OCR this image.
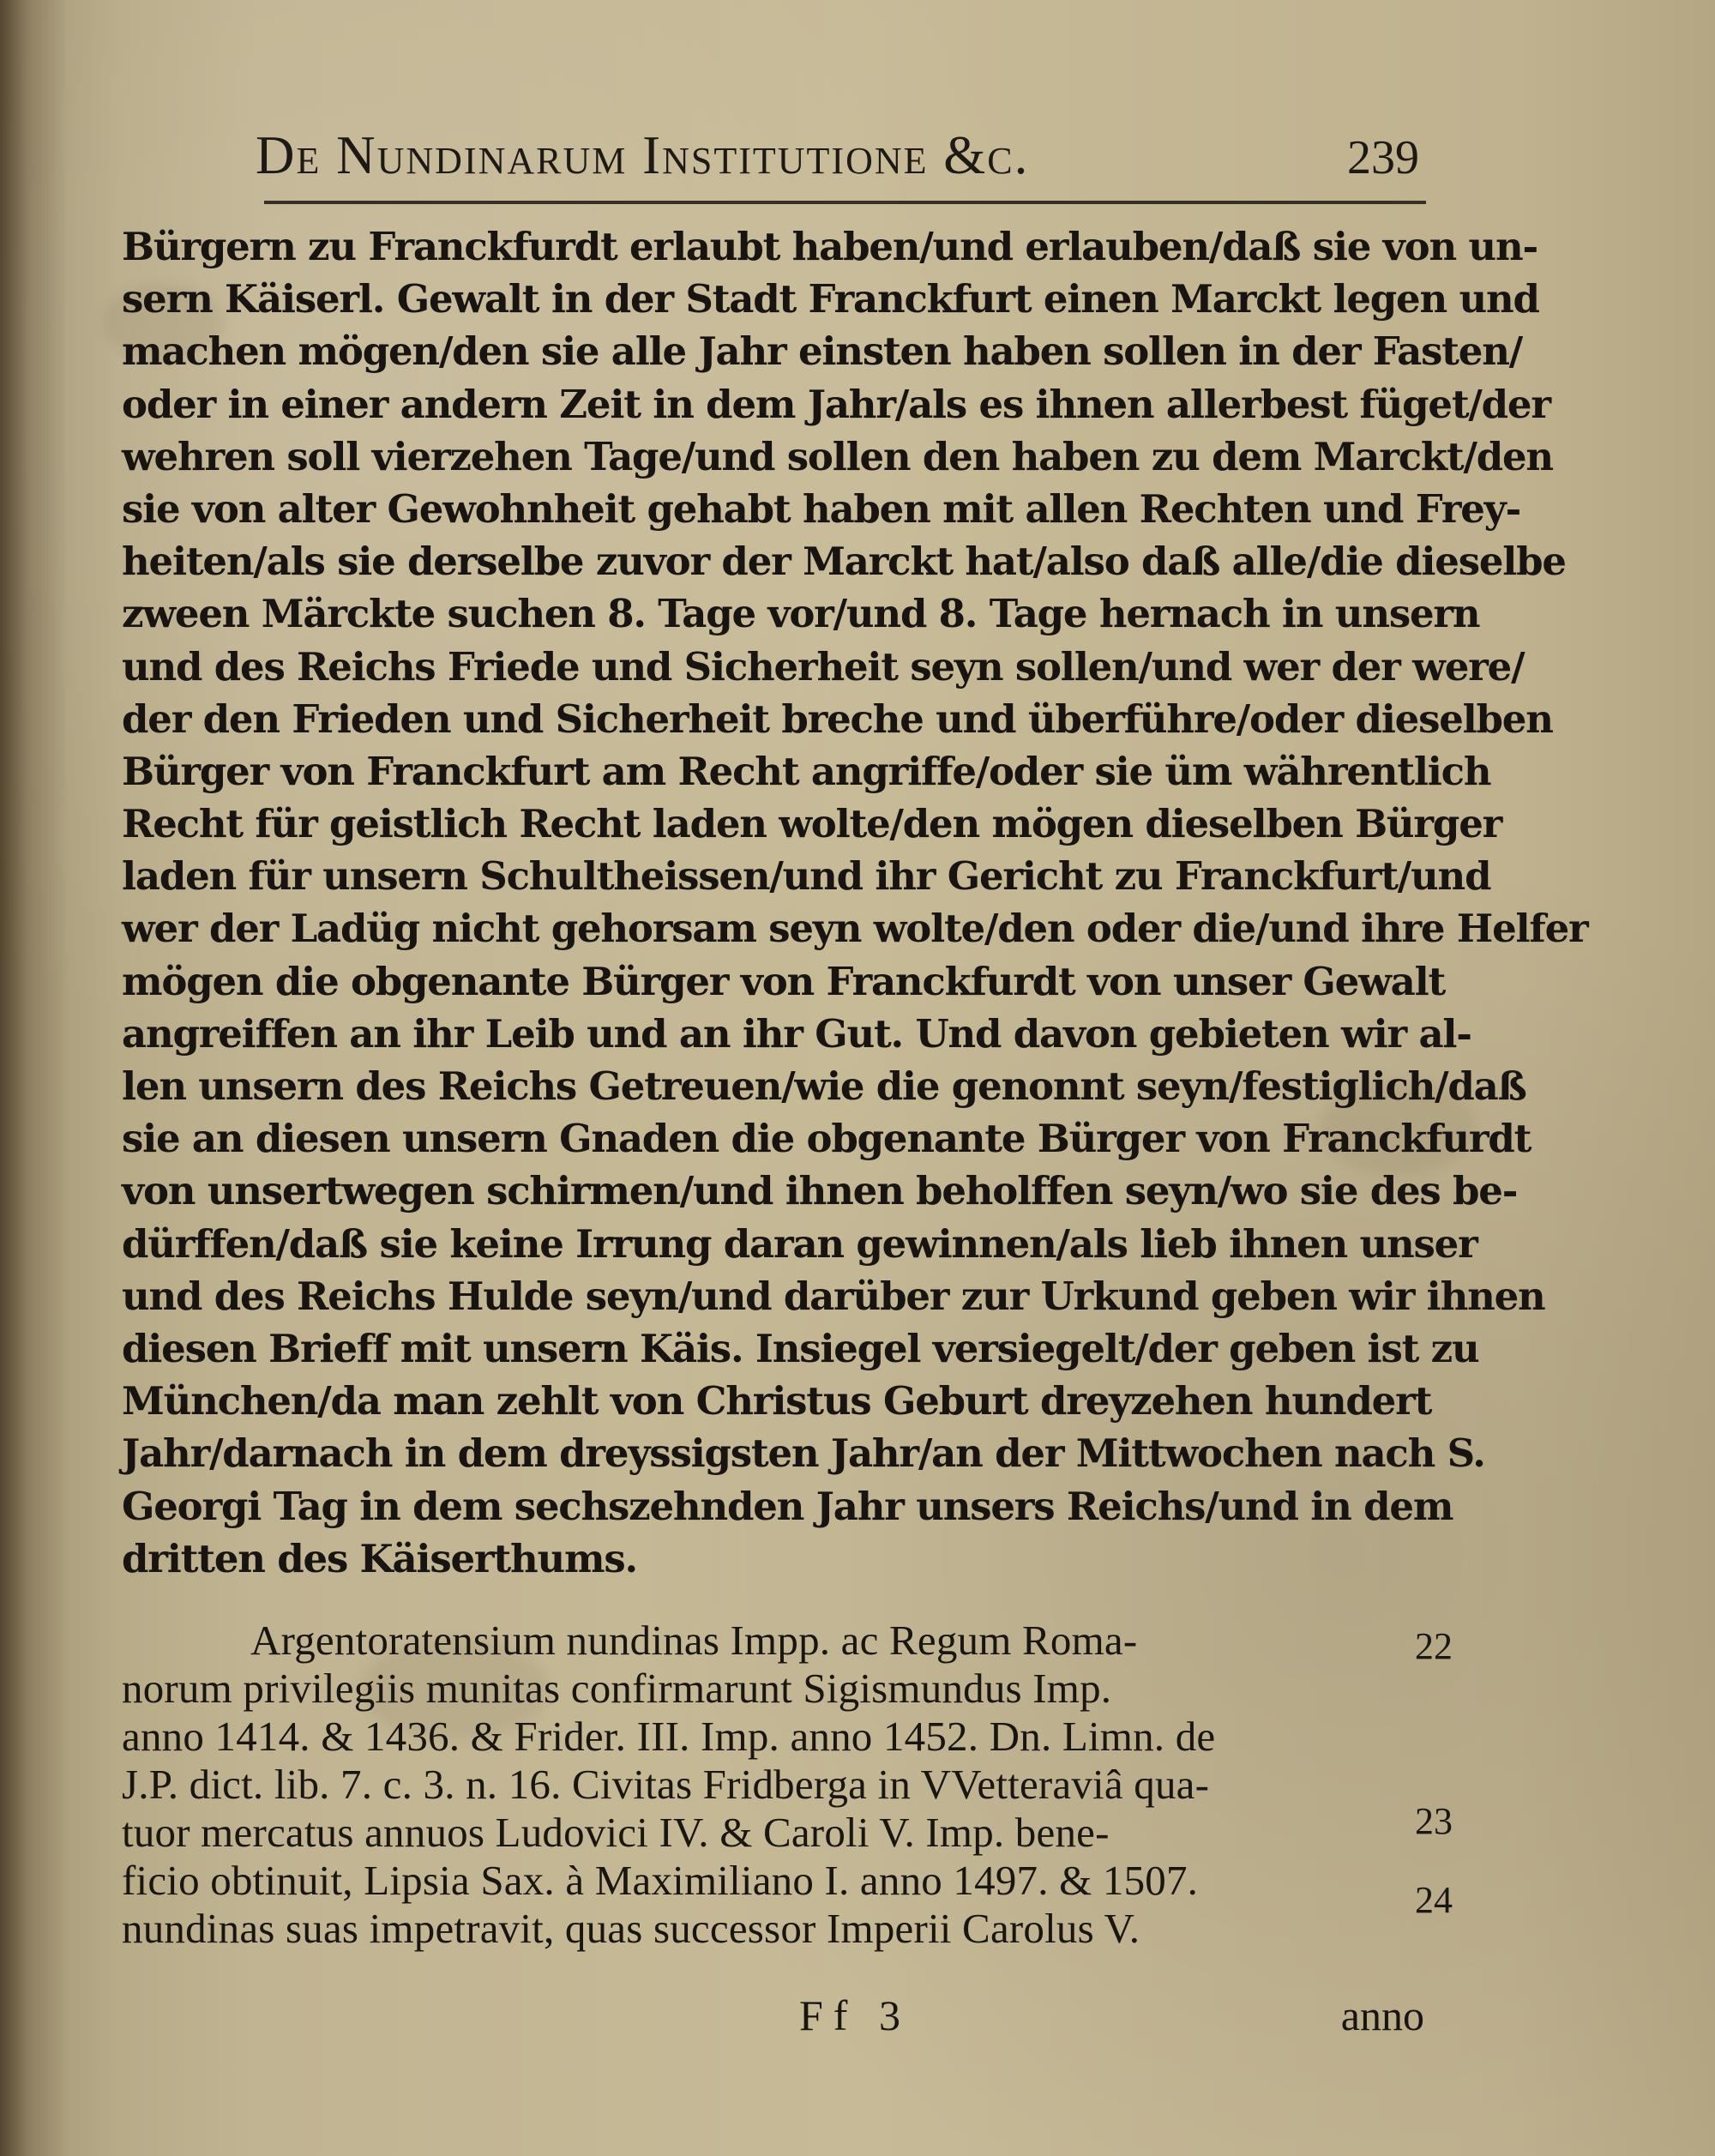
De Nundinarum Institutione &c.	239
Bürgern zu Franckfurdt erlaubt haben/und erlauben/daß sie von un-
sern Käiserl. Gewalt in der Stadt Franckfurt einen Marckt legen und
machen mögen/den sie alle Jahr einsten haben sollen in der Fasten/
oder in einer andern Zeit in dem Jahr/als es ihnen allerbest füget/der
wehren soll vierzehen Tage/und sollen den haben zu dem Marckt/den
sie von alter Gewohnheit gehabt haben mit allen Rechten und Frey-
heiten/als sie derselbe zuvor der Marckt hat/also daß alle/die dieselbe
zween Märckte suchen 8. Tage vor/und 8. Tage hernach in unsern
und des Reichs Friede und Sicherheit seyn sollen/und wer der were/
der den Frieden und Sicherheit breche und überführe/oder dieselben
Bürger von Franckfurt am Recht angriffe/oder sie üm währentlich
Recht für geistlich Recht laden wolte/den mögen dieselben Bürger
laden für unsern Schultheissen/und ihr Gericht zu Franckfurt/und
wer der Ladüg nicht gehorsam seyn wolte/den oder die/und ihre Helfer
mögen die obgenante Bürger von Franckfurdt von unser Gewalt
angreiffen an ihr Leib und an ihr Gut. Und davon gebieten wir al-
len unsern des Reichs Getreuen/wie die genonnt seyn/festiglich/daß
sie an diesen unsern Gnaden die obgenante Bürger von Franckfurdt
von unsertwegen schirmen/und ihnen beholffen seyn/wo sie des be-
dürffen/daß sie keine Irrung daran gewinnen/als lieb ihnen unser
und des Reichs Hulde seyn/und darüber zur Urkund geben wir ihnen
diesen Brieff mit unsern Käis. Insiegel versiegelt/der geben ist zu
München/da man zehlt von Christus Geburt dreyzehen hundert
Jahr/darnach in dem dreyssigsten Jahr/an der Mittwochen nach S.
Georgi Tag in dem sechszehnden Jahr unsers Reichs/und in dem
dritten des Käiserthums.
Argentoratensium nundinas Impp. ac Regum Roma-
norum privilegiis munitas confirmarunt Sigismundus Imp.
anno 1414. & 1436. & Frider. III. Imp. anno 1452. Dn. Limn. de
J.P. dict. lib. 7. c. 3. n. 16. Civitas Fridberga in VVetteraviâ qua-
tuor mercatus annuos Ludovici IV. & Caroli V. Imp. bene-
ficio obtinuit, Lipsia Sax. à Maximiliano I. anno 1497. & 1507.
nundinas suas impetravit, quas successor Imperii Carolus V.
22
23
24
Ff 3	anno
